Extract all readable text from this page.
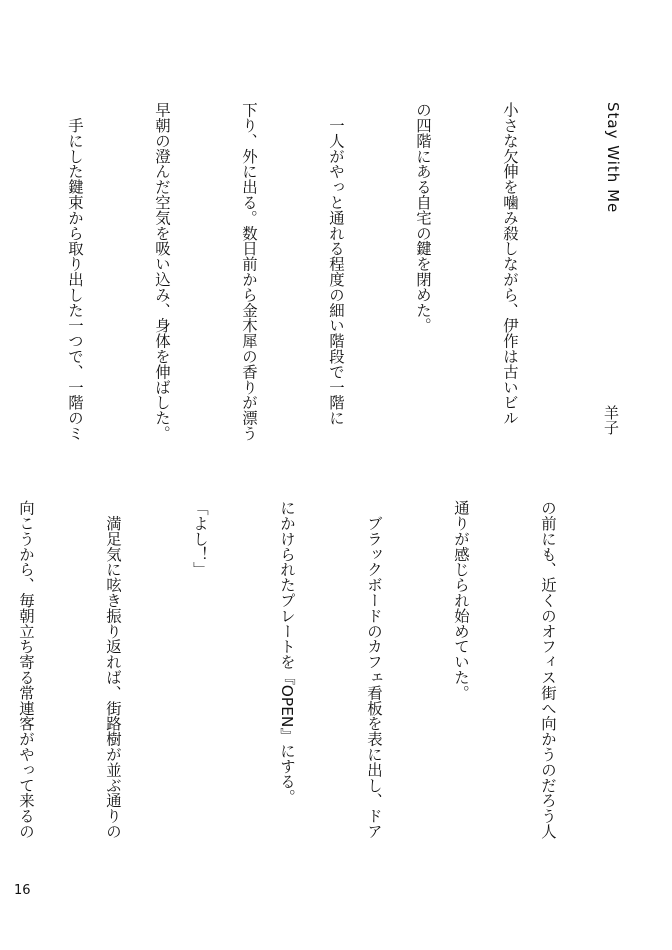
Stay With Me

羊子

小さな欠伸を噛み殺しながら、伊作は古いビル

の四階にある自宅の鍵を閉めた。

　一人がやっと通れる程度の細い階段で一階に

下り、外に出る。数日前から金木犀の香りが漂う

早朝の澄んだ空気を吸い込み、身体を伸ばした。

　手にした鍵束から取り出した一つで、一階のミ

の前にも、近くのオフィス街へ向かうのだろう人

通りが感じられ始めていた。

　ブラックボードのカフェ看板を表に出し、ドア

にかけられたプレートを『OPEN』にする。

「よし！」

　満足気に呟き振り返れば、街路樹が並ぶ通りの

向こうから、毎朝立ち寄る常連客がやって来るの

16
